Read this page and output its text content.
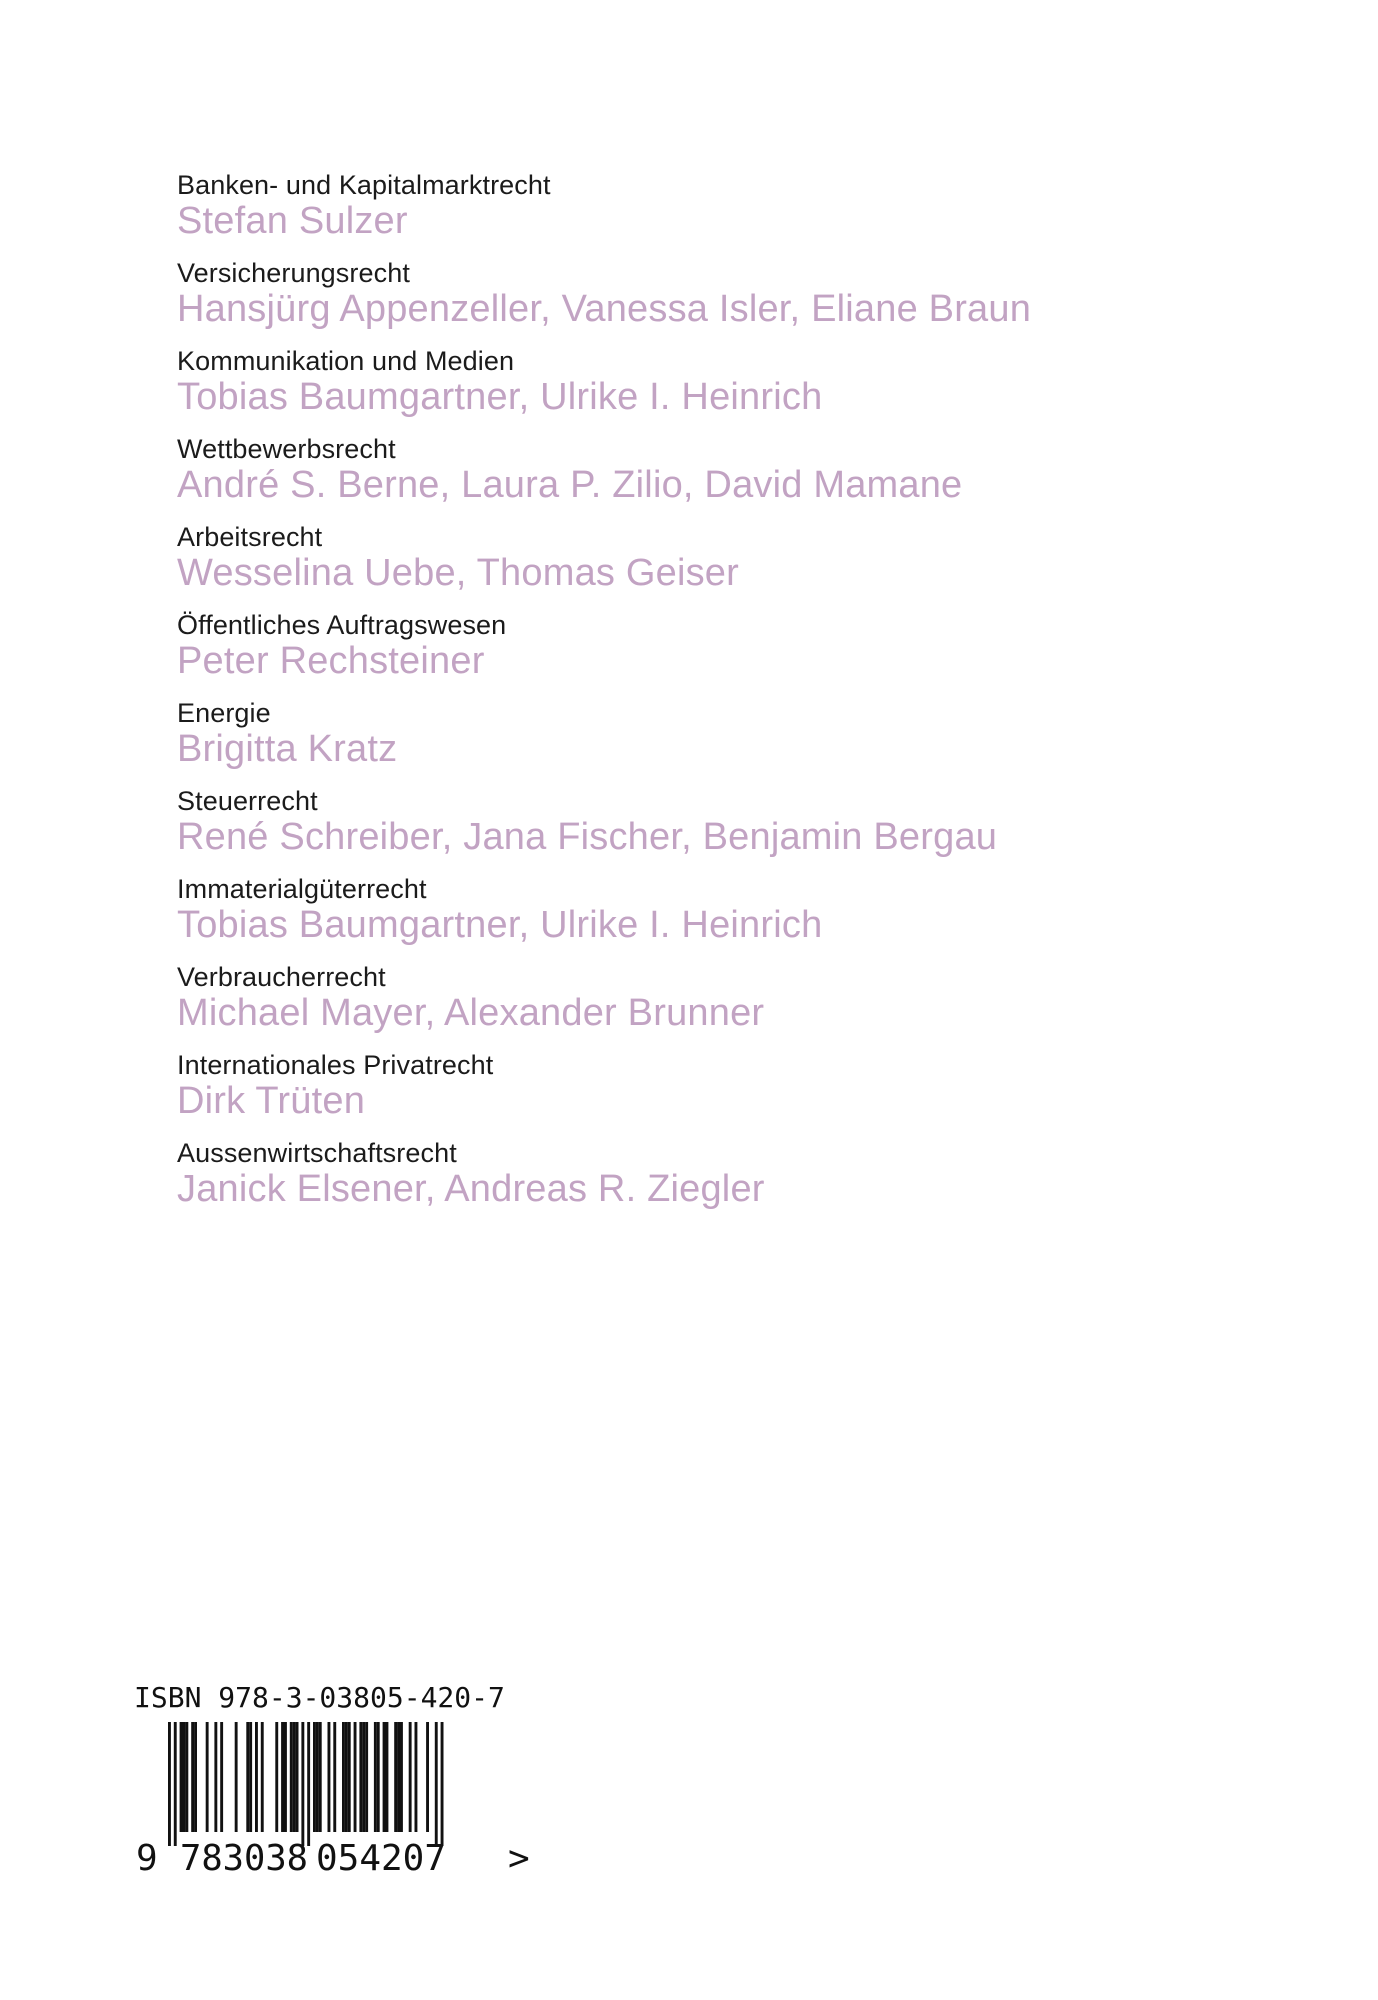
Banken- und Kapitalmarktrecht
Stefan Sulzer
Versicherungsrecht
Hansjürg Appenzeller, Vanessa Isler, Eliane Braun
Kommunikation und Medien
Tobias Baumgartner, Ulrike I. Heinrich
Wettbewerbsrecht
André S. Berne, Laura P. Zilio, David Mamane
Arbeitsrecht
Wesselina Uebe, Thomas Geiser
Öffentliches Auftragswesen
Peter Rechsteiner
Energie
Brigitta Kratz
Steuerrecht
René Schreiber, Jana Fischer, Benjamin Bergau
Immaterialgüterrecht
Tobias Baumgartner, Ulrike I. Heinrich
Verbraucherrecht
Michael Mayer, Alexander Brunner
Internationales Privatrecht
Dirk Trüten
Aussenwirtschaftsrecht
Janick Elsener, Andreas R. Ziegler
ISBN 978-3-03805-420-7
9 783038 054207 >
